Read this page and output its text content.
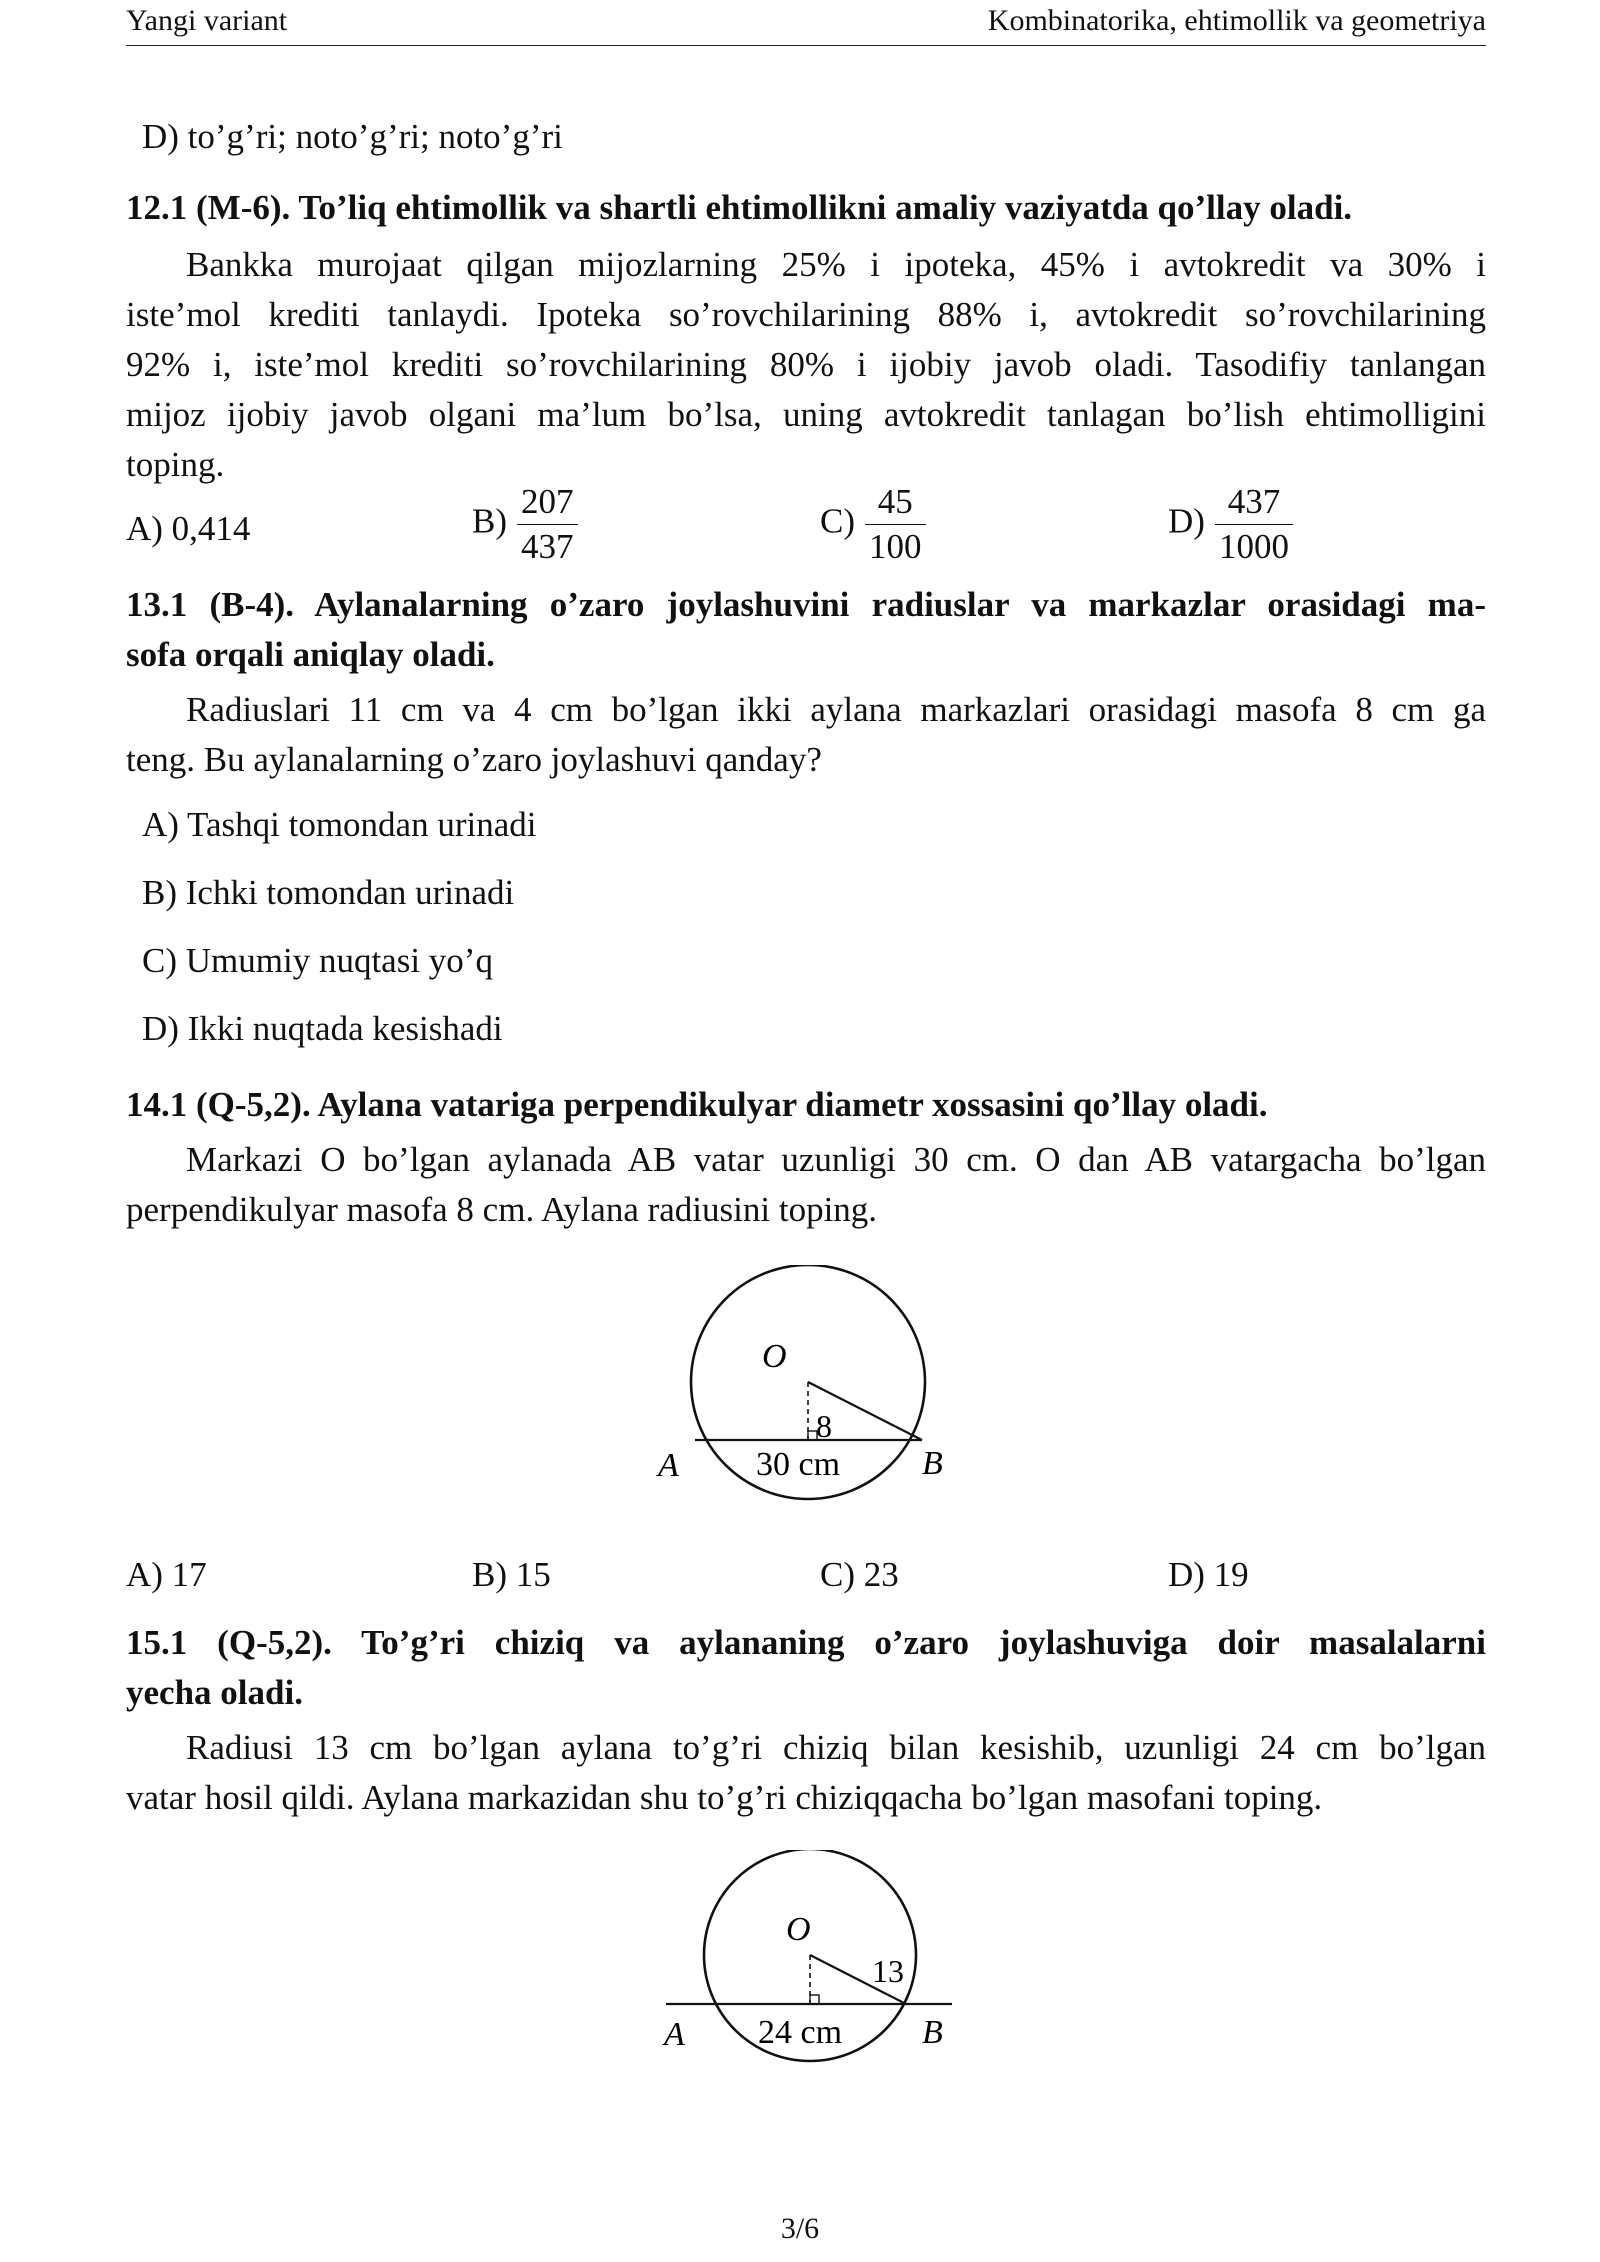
Yangi variant	Kombinatorika, ehtimollik va geometriya
D) to’g’ri; noto’g’ri; noto’g’ri
12.1 (M-6). To’liq ehtimollik va shartli ehtimollikni amaliy vaziyatda qo’llay oladi.
Bankka murojaat qilgan mijozlarning 25% i ipoteka, 45% i avtokredit va 30% i
iste’mol krediti tanlaydi. Ipoteka so’rovchilarining 88% i, avtokredit so’rovchilarining
92% i, iste’mol krediti so’rovchilarining 80% i ijobiy javob oladi. Tasodifiy tanlangan
mijoz ijobiy javob olgani ma’lum bo’lsa, uning avtokredit tanlagan bo’lish ehtimolligini
toping.
A) 0,414	$B) \frac{207}{437}$	$C) \frac{45}{100}$	$D) \frac{437}{1000}$
13.1 (B-4). Aylanalarning o’zaro joylashuvini radiuslar va markazlar orasidagi ma-
sofa orqali aniqlay oladi.
Radiuslari 11 cm va 4 cm bo’lgan ikki aylana markazlari orasidagi masofa 8 cm ga
teng. Bu aylanalarning o’zaro joylashuvi qanday?
A) Tashqi tomondan urinadi
B) Ichki tomondan urinadi
C) Umumiy nuqtasi yo’q
D) Ikki nuqtada kesishadi
14.1 (Q-5,2). Aylana vatariga perpendikulyar diametr xossasini qo’llay oladi.
Markazi O bo’lgan aylanada AB vatar uzunligi 30 cm. O dan AB vatargacha bo’lgan
perpendikulyar masofa 8 cm. Aylana radiusini toping.
O
8
A 30 cm B
A) 17	B) 15	C) 23	D) 19
15.1 (Q-5,2). To’g’ri chiziq va aylananing o’zaro joylashuviga doir masalalarni
yecha oladi.
Radiusi 13 cm bo’lgan aylana to’g’ri chiziq bilan kesishib, uzunligi 24 cm bo’lgan
vatar hosil qildi. Aylana markazidan shu to’g’ri chiziqqacha bo’lgan masofani toping.
O
13
A 24 cm B
3/6
